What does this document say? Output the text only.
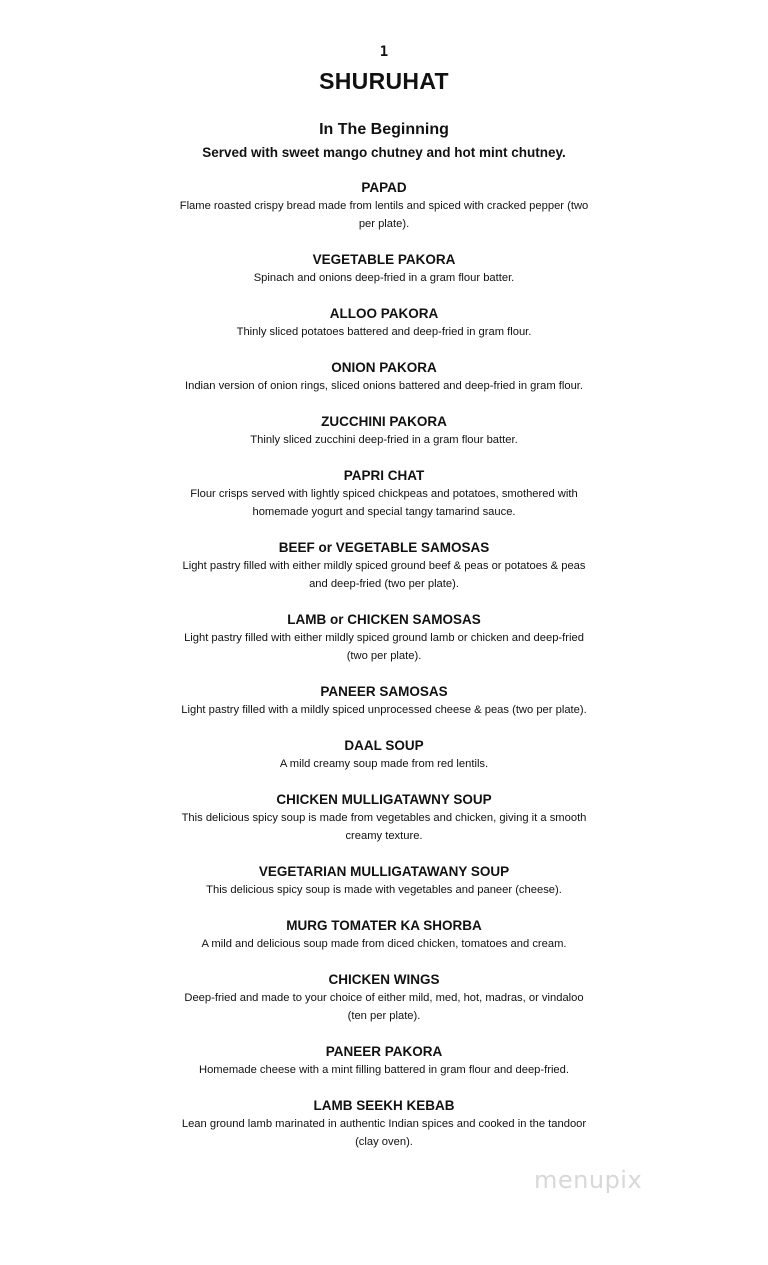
1
SHURUHAT
In The Beginning
Served with sweet mango chutney and hot mint chutney.
PAPAD
Flame roasted crispy bread made from lentils and spiced with cracked pepper (two per plate).
VEGETABLE PAKORA
Spinach and onions deep-fried in a gram flour batter.
ALLOO PAKORA
Thinly sliced potatoes battered and deep-fried in gram flour.
ONION PAKORA
Indian version of onion rings, sliced onions battered and deep-fried in gram flour.
ZUCCHINI PAKORA
Thinly sliced zucchini deep-fried in a gram flour batter.
PAPRI CHAT
Flour crisps served with lightly spiced chickpeas and potatoes, smothered with homemade yogurt and special tangy tamarind sauce.
BEEF or VEGETABLE SAMOSAS
Light pastry filled with either mildly spiced ground beef & peas or potatoes & peas and deep-fried (two per plate).
LAMB or CHICKEN SAMOSAS
Light pastry filled with either mildly spiced ground lamb or chicken and deep-fried (two per plate).
PANEER SAMOSAS
Light pastry filled with a mildly spiced unprocessed cheese & peas (two per plate).
DAAL SOUP
A mild creamy soup made from red lentils.
CHICKEN MULLIGATAWNY SOUP
This delicious spicy soup is made from vegetables and chicken, giving it a smooth creamy texture.
VEGETARIAN MULLIGATAWANY SOUP
This delicious spicy soup is made with vegetables and paneer (cheese).
MURG TOMATER KA SHORBA
A mild and delicious soup made from diced chicken, tomatoes and cream.
CHICKEN WINGS
Deep-fried and made to your choice of either mild, med, hot, madras, or vindaloo (ten per plate).
PANEER PAKORA
Homemade cheese with a mint filling battered in gram flour and deep-fried.
LAMB SEEKH KEBAB
Lean ground lamb marinated in authentic Indian spices and cooked in the tandoor (clay oven).
menupix
